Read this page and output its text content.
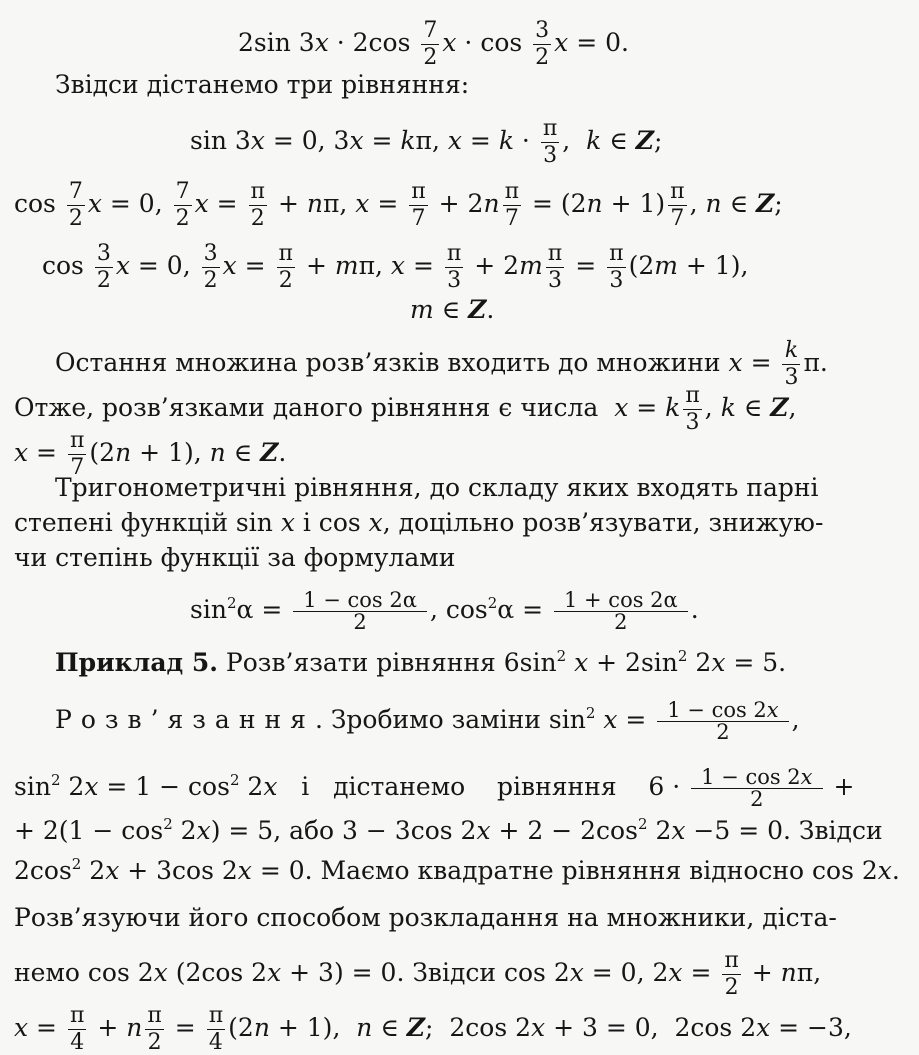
2sin $3x \cdot 2\cos \frac{7}{2}$ $x \cdot \cos \frac{3}{2}$ x = 0.
Звідси дістанемо три рівняння:
sin 3x = 0, 3x = kπ, $x = k \cdot \frac{\pi}{3}$ ,  k ∈ Z;
$\cos \frac{7}{2}$ x = 0, $\frac{7}{2}$ $x = \frac{\pi}{2} + n\pi$, $x = \frac{\pi}{7} + 2n \frac{\pi}{7} = (2n + 1) \frac{\pi}{7}$ , n ∈ Z;
$\cos \frac{3}{2}$ x = 0, $\frac{3}{2}$ $x = \frac{\pi}{2} + m\pi$, $x = \frac{\pi}{3} + 2m \frac{\pi}{3} = \frac{\pi}{3} (2m + 1)$,
m ∈ Z.
Остання множина розв’язків входить до множини $x = \frac{k}{3} \pi$.
Отже, розв’язками даного рівняння є числа  x = k $\frac{\pi}{3}$ , k ∈ Z,
$x = \frac{\pi}{7} (2n + 1)$, n ∈ Z.
Тригонометричні рівняння, до складу яких входять парні
степені функцій sin x і cos x, доцільно розв’язувати, знижую-
чи степінь функції за формулами
$\sin^2\alpha = \frac{1 - \cos 2\alpha}{2}$ , $\cos^2\alpha = \frac{1 + \cos 2\alpha}{2}$ .
Приклад 5. Розв’язати рівняння $6\sin^2$ $x + 2\sin^2$ 2x = 5.
Розв’язання. Зробимо заміни $\sin^2 x = \frac{1 - \cos 2x}{2}$ ,
$\sin^2 2x = 1 - \cos^2 2x$   і   дістанемо    рівняння    $6 \cdot \frac{1 - \cos 2x}{2}$ +
+ $2(1 - \cos^2 2x) = 5$, або 3 − 3cos $2x + 2 - 2\cos^2$ 2x −5 = 0. Звідси
$2\cos^2$ 2x + 3cos 2x = 0. Маємо квадратне рівняння відносно cos 2x.
Розв’язуючи його способом розкладання на множники, діста-
немо cos 2x (2cos 2x + 3) = 0. Звідси cos 2x = 0, $2x = \frac{\pi}{2} + n\pi$,
$x = \frac{\pi}{4} + n \frac{\pi}{2} = \frac{\pi}{4} (2n + 1)$,  n ∈ Z;  2cos 2x + 3 = 0,  2cos 2x = −3,
